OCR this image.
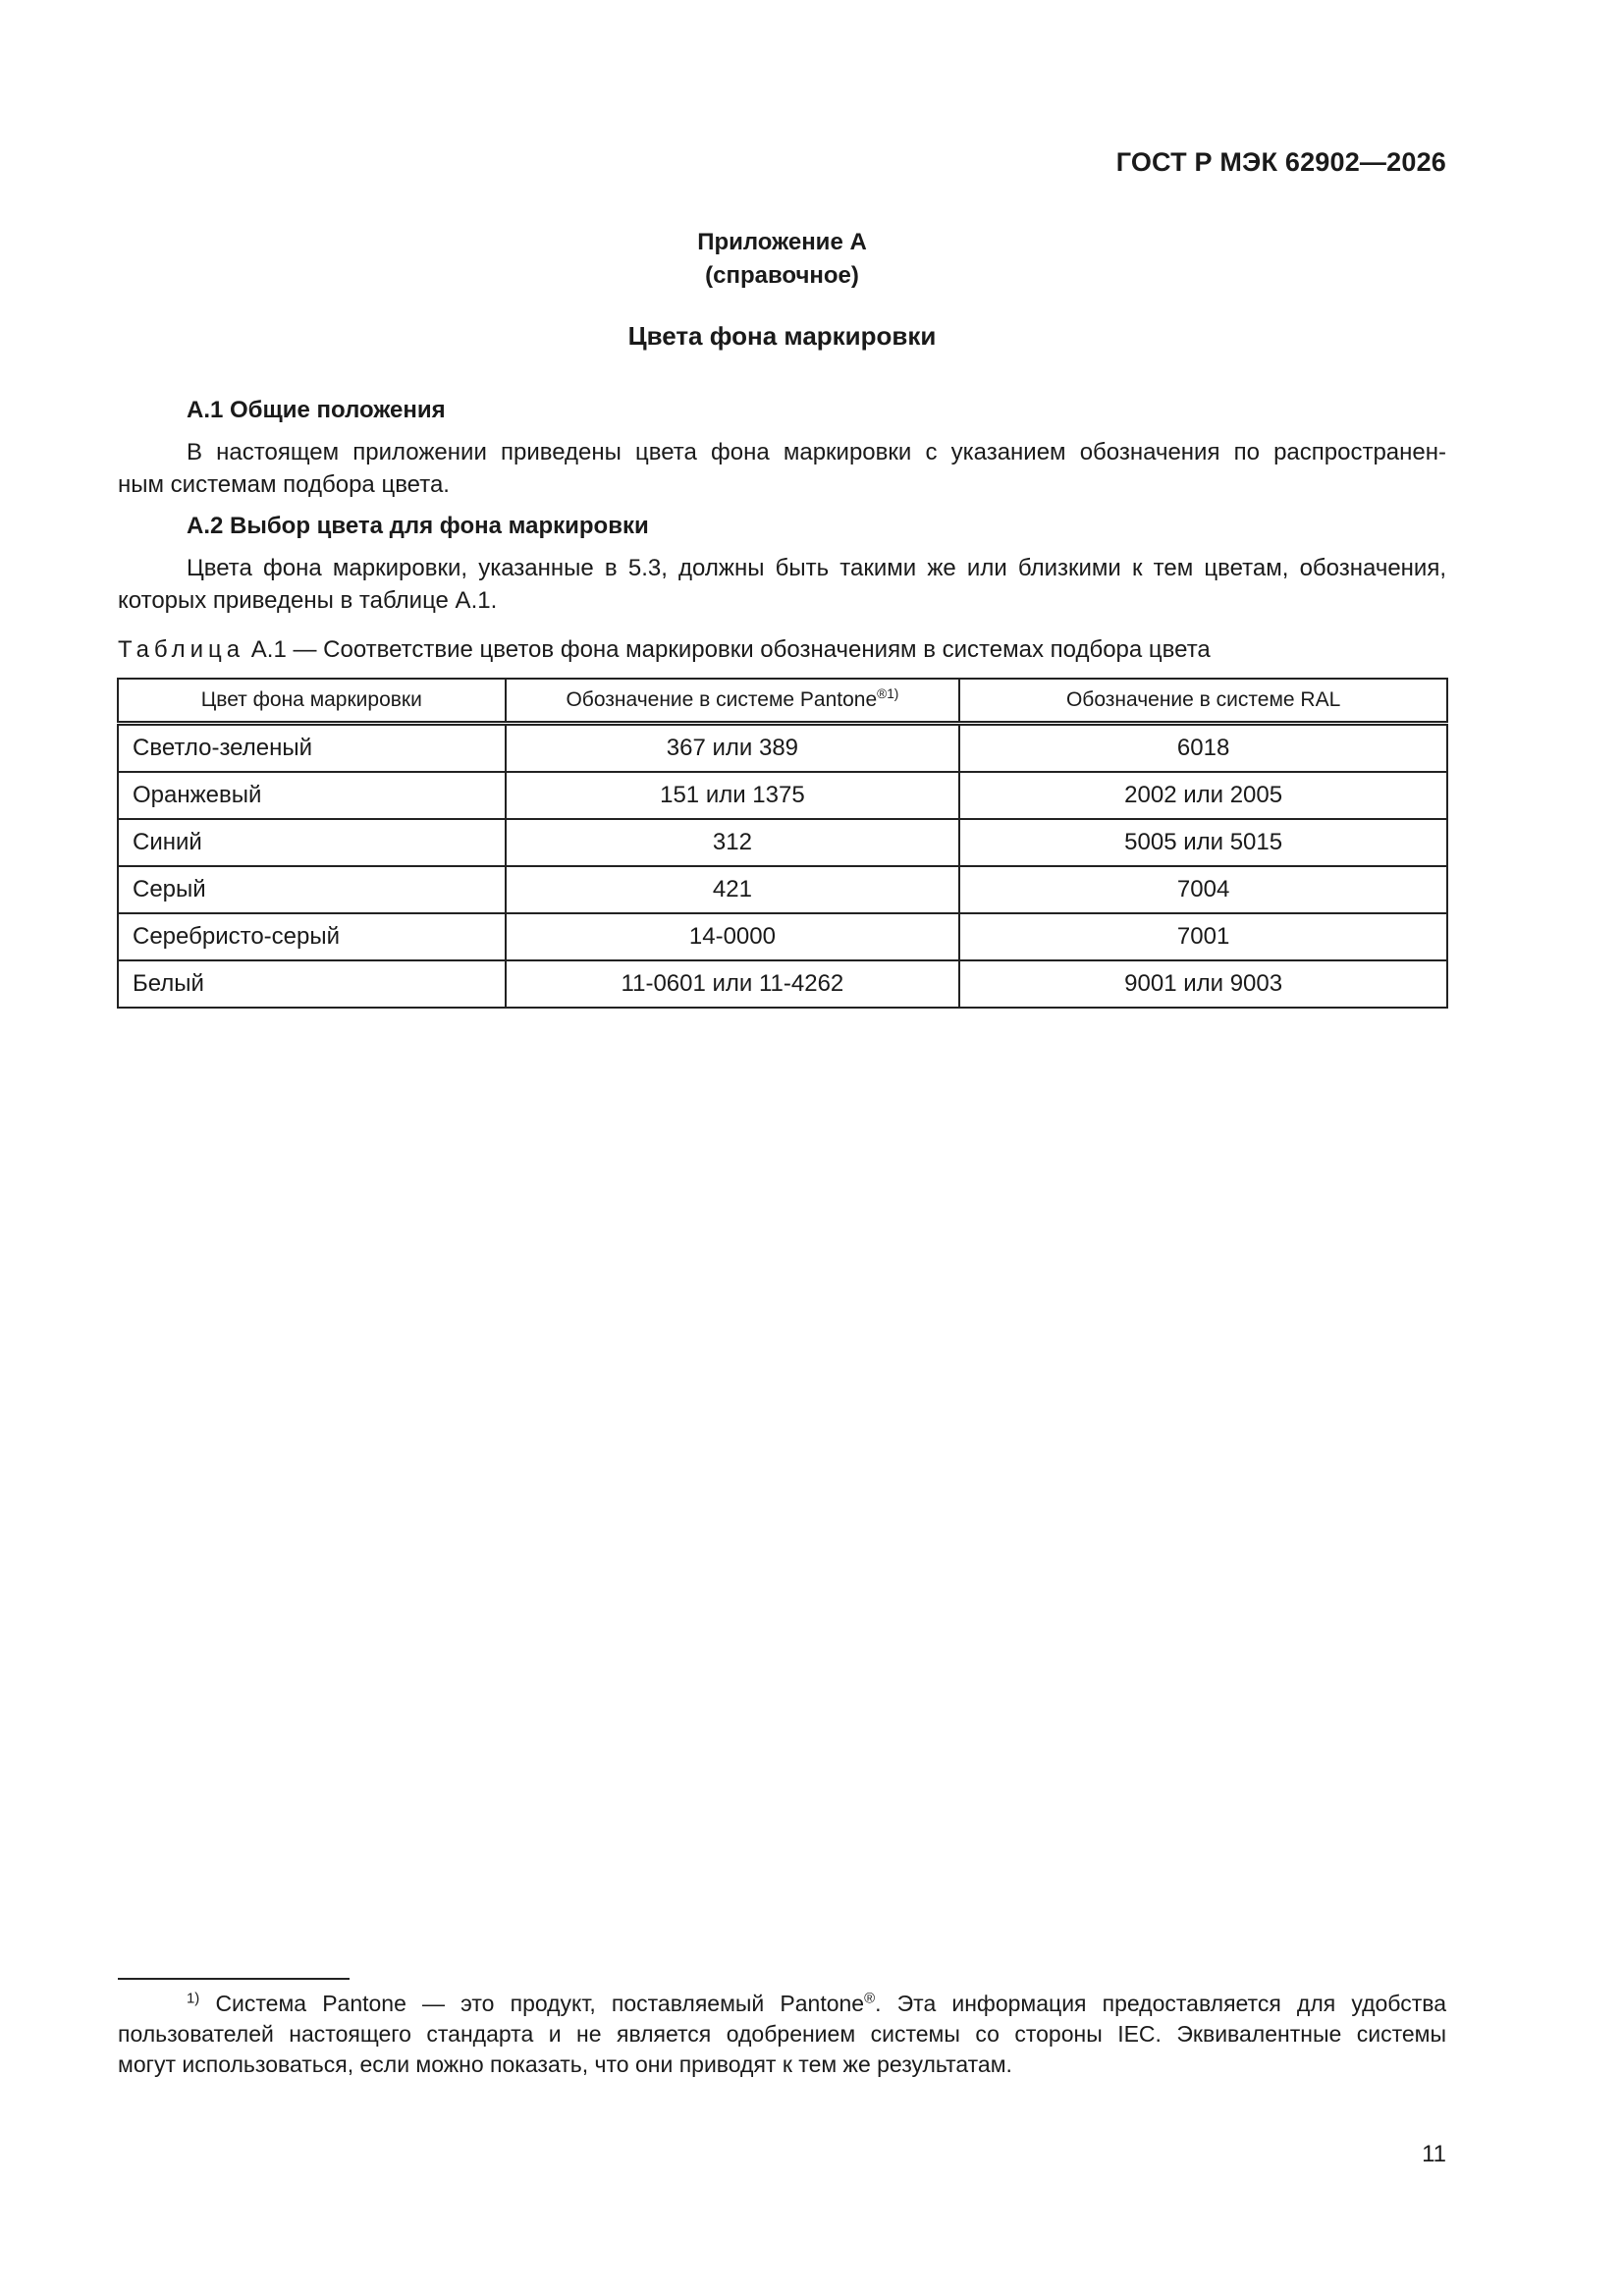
ГОСТ Р МЭК 62902—2026
Приложение А
(справочное)
Цвета фона маркировки
А.1 Общие положения
В настоящем приложении приведены цвета фона маркировки с указанием обозначения по распространен-
ным системам подбора цвета.
А.2 Выбор цвета для фона маркировки
Цвета фона маркировки, указанные в 5.3, должны быть такими же или близкими к тем цветам, обозначения,
которых приведены в таблице А.1.
Таблица А.1 — Соответствие цветов фона маркировки обозначениям в системах подбора цвета
Цвет фона маркировки	Обозначение в системе Pantone$^{®1)}$	Обозначение в системе RAL
Светло-зеленый	367 или 389	6018
Оранжевый	151 или 1375	2002 или 2005
Синий	312	5005 или 5015
Серый	421	7004
Серебристо-серый	14-0000	7001
Белый	11-0601 или 11-4262	9001 или 9003
$^{1)}$ Система Pantone — это продукт, поставляемый Pantone®. Эта информация предоставляется для удобства
пользователей настоящего стандарта и не является одобрением системы со стороны IEC. Эквивалентные системы
могут использоваться, если можно показать, что они приводят к тем же результатам.
11
